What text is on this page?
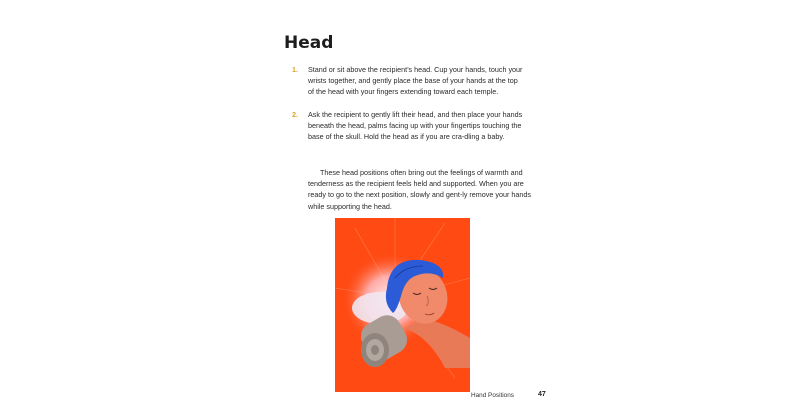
Head
1. Stand or sit above the recipient’s head. Cup your hands, touch your wrists together, and gently place the base of your hands at the top of the head with your fingers extending toward each temple.
2. Ask the recipient to gently lift their head, and then place your hands beneath the head, palms facing up with your fingertips touching the base of the skull. Hold the head as if you are cra-dling a baby.

These head positions often bring out the feelings of warmth and tenderness as the recipient feels held and supported. When you are ready to go to the next position, slowly and gent-ly remove your hands while supporting the head.

Hand Positions	47
